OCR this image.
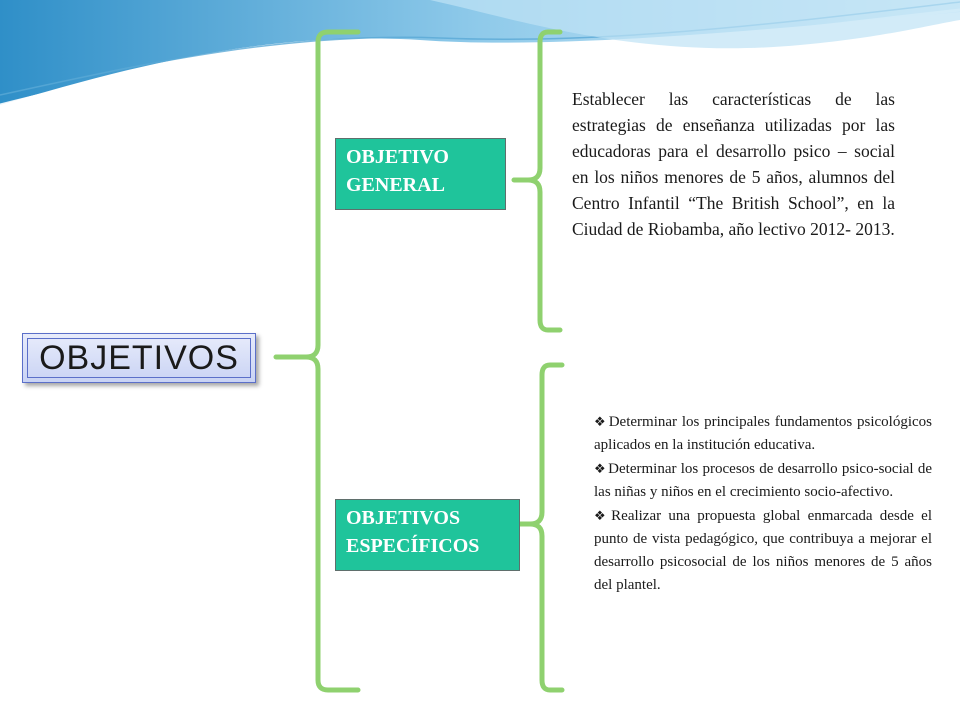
OBJETIVOS
OBJETIVO
GENERAL
OBJETIVOS
ESPECÍFICOS
Establecer las características de las estrategias de enseñanza utilizadas por las educadoras para el desarrollo psico – social en los niños menores de 5 años, alumnos del Centro Infantil “The British School”, en la Ciudad de Riobamba, año lectivo 2012- 2013.
❖ Determinar los principales fundamentos psicológicos aplicados en la institución educativa.
❖ Determinar los procesos de desarrollo psico-social de las niñas y niños en el crecimiento socio-afectivo.
❖ Realizar una propuesta global enmarcada desde el punto de vista pedagógico, que contribuya a mejorar el desarrollo psicosocial de los niños menores de 5 años del plantel.
